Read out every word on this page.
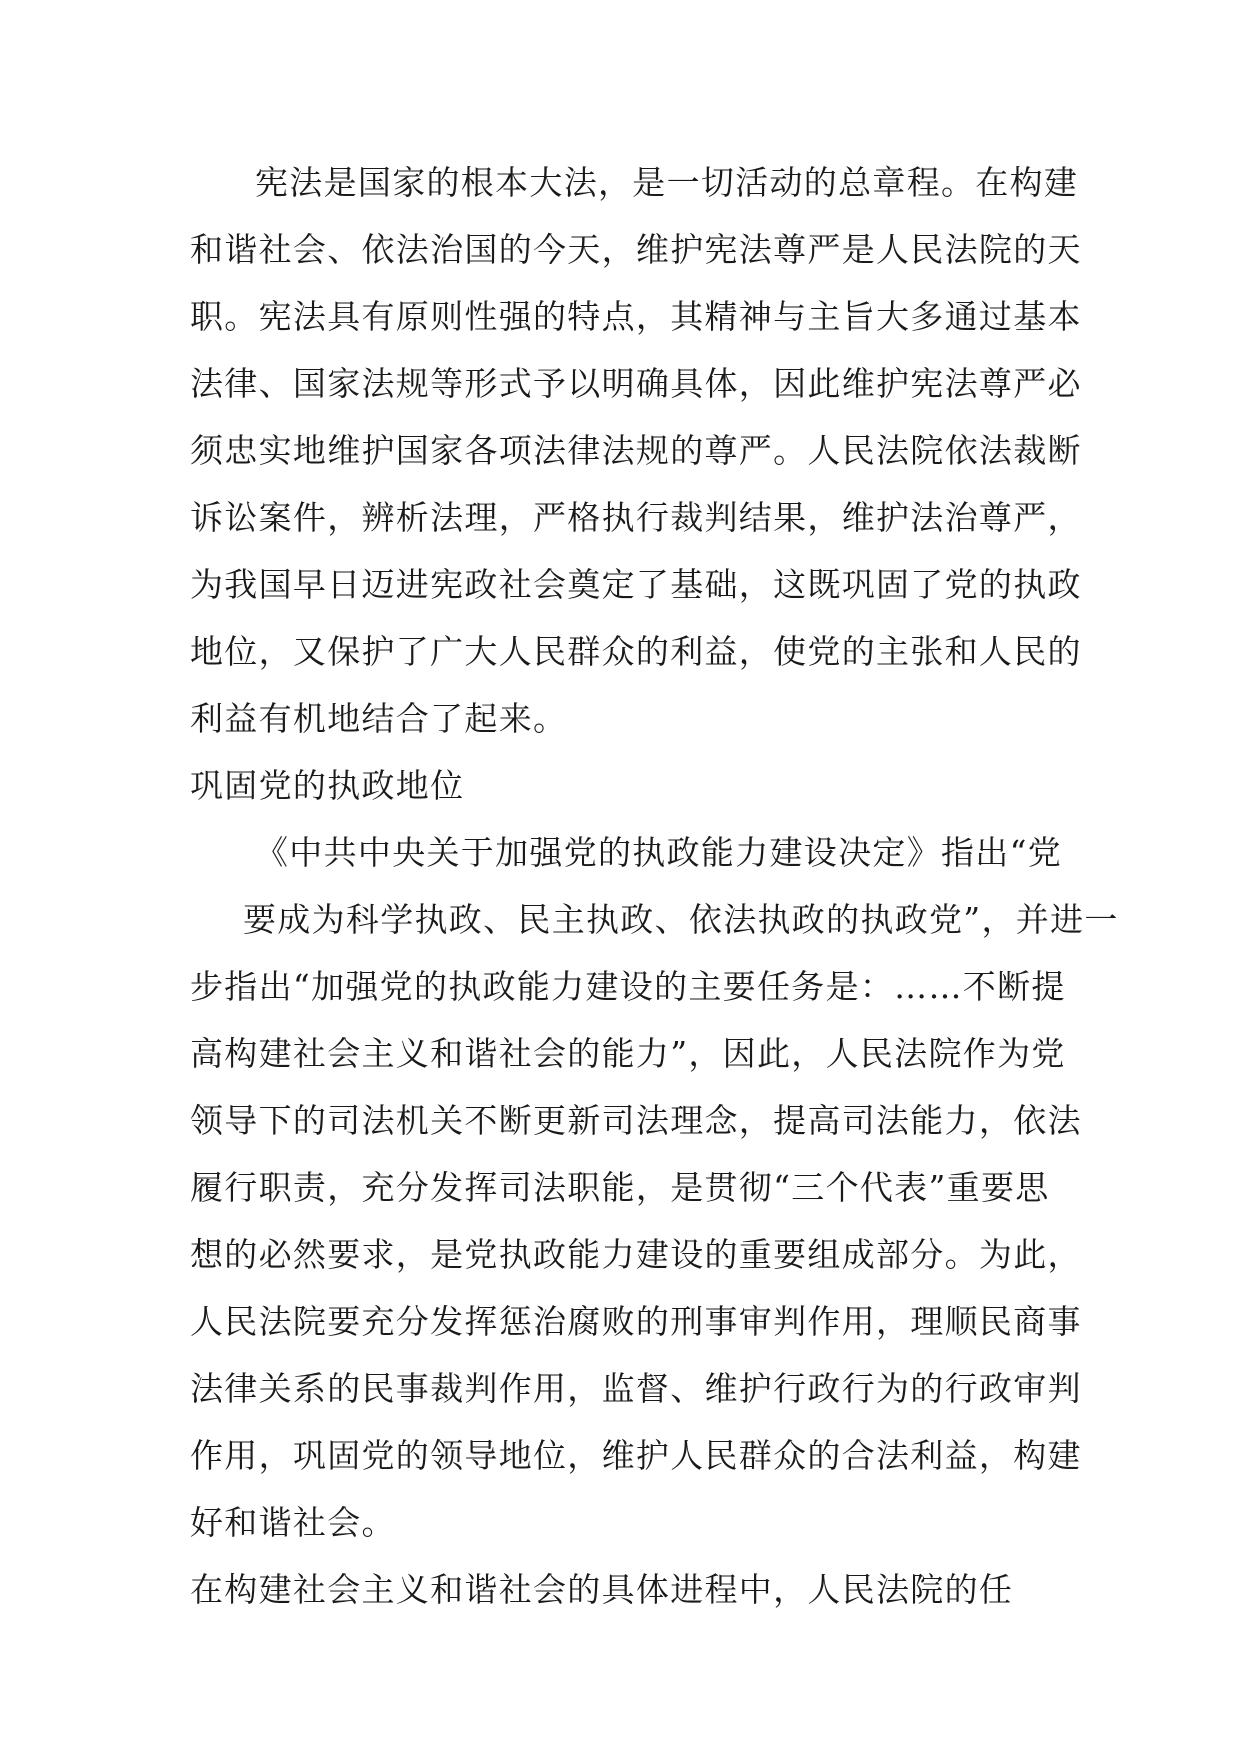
宪法是国家的根本大法，是一切活动的总章程。在构建

和谐社会、依法治国的今天，维护宪法尊严是人民法院的天

职。宪法具有原则性强的特点，其精神与主旨大多通过基本

法律、国家法规等形式予以明确具体，因此维护宪法尊严必

须忠实地维护国家各项法律法规的尊严。人民法院依法裁断

诉讼案件，辨析法理，严格执行裁判结果，维护法治尊严，

为我国早日迈进宪政社会奠定了基础，这既巩固了党的执政

地位，又保护了广大人民群众的利益，使党的主张和人民的

利益有机地结合了起来。

巩固党的执政地位

《中共中央关于加强党的执政能力建设决定》指出“党

要成为科学执政、民主执政、依法执政的执政党”，并进一

步指出“加强党的执政能力建设的主要任务是：……不断提

高构建社会主义和谐社会的能力”，因此，人民法院作为党

领导下的司法机关不断更新司法理念，提高司法能力，依法

履行职责，充分发挥司法职能，是贯彻“三个代表”重要思

想的必然要求，是党执政能力建设的重要组成部分。为此，

人民法院要充分发挥惩治腐败的刑事审判作用，理顺民商事

法律关系的民事裁判作用，监督、维护行政行为的行政审判

作用，巩固党的领导地位，维护人民群众的合法利益，构建

好和谐社会。

在构建社会主义和谐社会的具体进程中，人民法院的任
